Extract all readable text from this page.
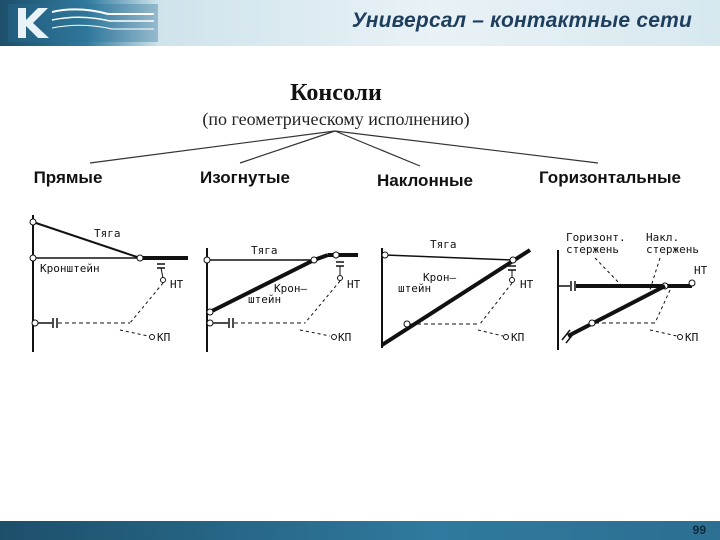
Универсал – контактные сети
Консоли
(по геометрическому исполнению)
Прямые	Изогнутые	Наклонные	Горизонтальные
Тяга
Кронштейн
НТ
КП
Тяга
Крон–
штейн
НТ
КП
Тяга
Крон–
штейн	НТ
КП
Горизонт.
стержень
Накл.
стержень
НТ
КП
99
